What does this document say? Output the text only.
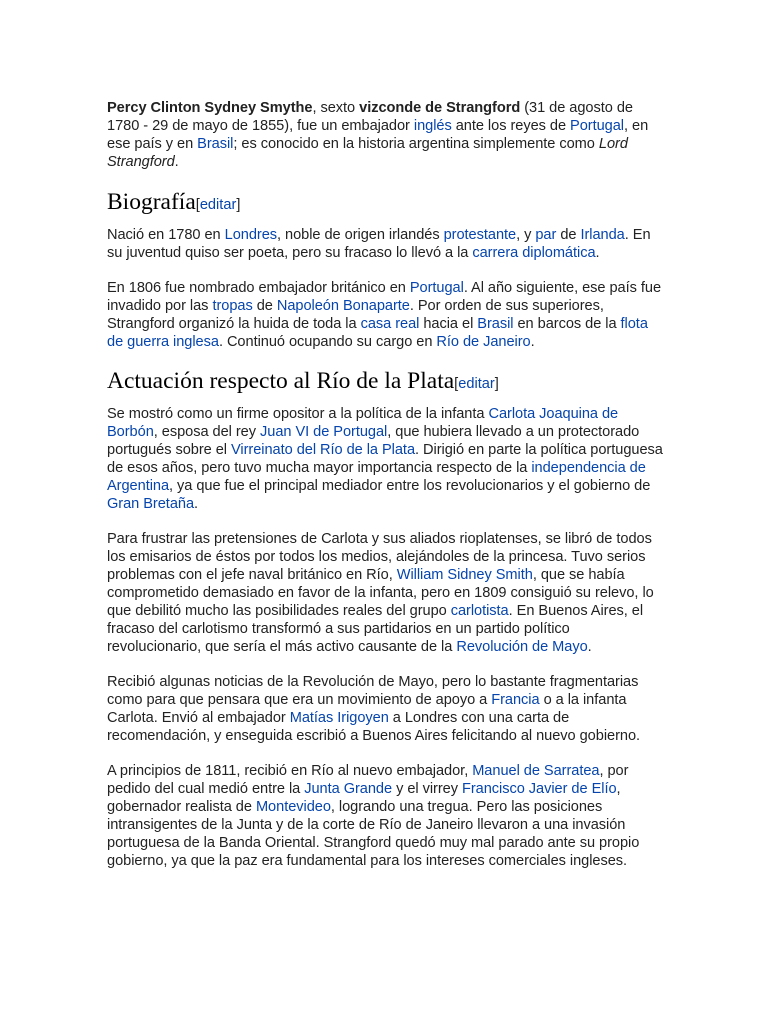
Percy Clinton Sydney Smythe, sexto vizconde de Strangford (31 de agosto de 1780 - 29 de mayo de 1855), fue un embajador inglés ante los reyes de Portugal, en ese país y en Brasil; es conocido en la historia argentina simplemente como Lord Strangford.

Biografía[editar]

Nació en 1780 en Londres, noble de origen irlandés protestante, y par de Irlanda. En su juventud quiso ser poeta, pero su fracaso lo llevó a la carrera diplomática.

En 1806 fue nombrado embajador británico en Portugal. Al año siguiente, ese país fue invadido por las tropas de Napoleón Bonaparte. Por orden de sus superiores, Strangford organizó la huida de toda la casa real hacia el Brasil en barcos de la flota de guerra inglesa. Continuó ocupando su cargo en Río de Janeiro.

Actuación respecto al Río de la Plata[editar]

Se mostró como un firme opositor a la política de la infanta Carlota Joaquina de Borbón, esposa del rey Juan VI de Portugal, que hubiera llevado a un protectorado portugués sobre el Virreinato del Río de la Plata. Dirigió en parte la política portuguesa de esos años, pero tuvo mucha mayor importancia respecto de la independencia de Argentina, ya que fue el principal mediador entre los revolucionarios y el gobierno de Gran Bretaña.

Para frustrar las pretensiones de Carlota y sus aliados rioplatenses, se libró de todos los emisarios de éstos por todos los medios, alejándoles de la princesa. Tuvo serios problemas con el jefe naval británico en Río, William Sidney Smith, que se había comprometido demasiado en favor de la infanta, pero en 1809 consiguió su relevo, lo que debilitó mucho las posibilidades reales del grupo carlotista. En Buenos Aires, el fracaso del carlotismo transformó a sus partidarios en un partido político revolucionario, que sería el más activo causante de la Revolución de Mayo.

Recibió algunas noticias de la Revolución de Mayo, pero lo bastante fragmentarias como para que pensara que era un movimiento de apoyo a Francia o a la infanta Carlota. Envió al embajador Matías Irigoyen a Londres con una carta de recomendación, y enseguida escribió a Buenos Aires felicitando al nuevo gobierno.

A principios de 1811, recibió en Río al nuevo embajador, Manuel de Sarratea, por pedido del cual medió entre la Junta Grande y el virrey Francisco Javier de Elío, gobernador realista de Montevideo, logrando una tregua. Pero las posiciones intransigentes de la Junta y de la corte de Río de Janeiro llevaron a una invasión portuguesa de la Banda Oriental. Strangford quedó muy mal parado ante su propio gobierno, ya que la paz era fundamental para los intereses comerciales ingleses.
